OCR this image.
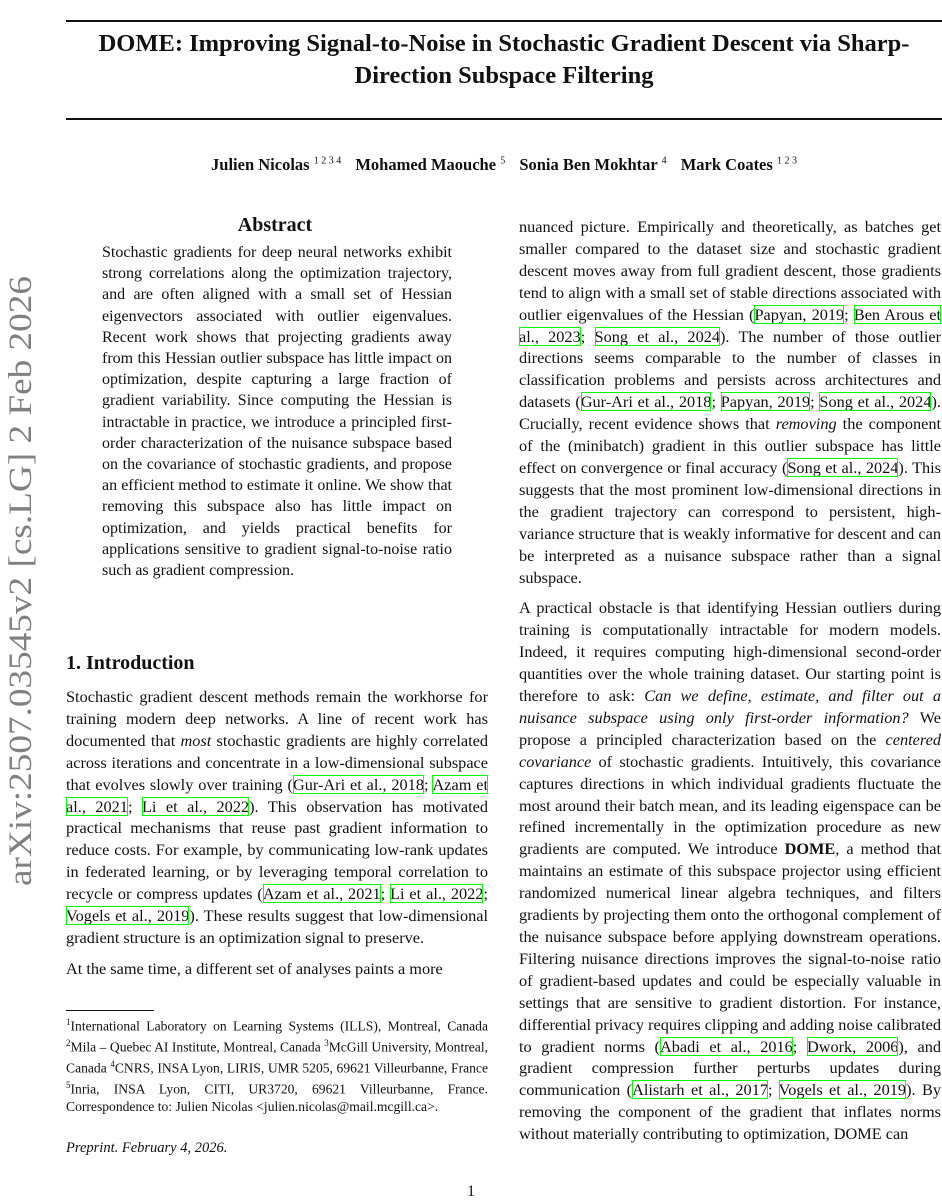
arXiv:2507.03545v2 [cs.LG] 2 Feb 2026
DOME: Improving Signal-to-Noise in Stochastic Gradient Descent via Sharp-Direction Subspace Filtering
Julien Nicolas $^{1 2 3 4}$ Mohamed Maouche $^5$ Sonia Ben Mokhtar $^4$ Mark Coates $^{1 2 3}$
Abstract

Stochastic gradients for deep neural networks exhibit strong correlations along the optimization trajectory, and are often aligned with a small set of Hessian eigenvectors associated with outlier eigenvalues. Recent work shows that projecting gradients away from this Hessian outlier subspace has little impact on optimization, despite capturing a large fraction of gradient variability. Since computing the Hessian is intractable in practice, we introduce a principled first-order characterization of the nuisance subspace based on the covariance of stochastic gradients, and propose an efficient method to estimate it online. We show that removing this subspace also has little impact on optimization, and yields practical benefits for applications sensitive to gradient signal-to-noise ratio such as gradient compression.

1. Introduction

Stochastic gradient descent methods remain the workhorse for training modern deep networks. A line of recent work has documented that most stochastic gradients are highly correlated across iterations and concentrate in a low-dimensional subspace that evolves slowly over training (Gur-Ari et al., 2018; Azam et al., 2021; Li et al., 2022). This observation has motivated practical mechanisms that reuse past gradient information to reduce costs. For example, by communicating low-rank updates in federated learning, or by leveraging temporal correlation to recycle or compress updates (Azam et al., 2021; Li et al., 2022; Vogels et al., 2019). These results suggest that low-dimensional gradient structure is an optimization signal to preserve.

At the same time, a different set of analyses paints a more

$^1$International Laboratory on Learning Systems (ILLS), Montreal, Canada $^2$Mila – Quebec AI Institute, Montreal, Canada $^3$McGill University, Montreal, Canada $^4$CNRS, INSA Lyon, LIRIS, UMR 5205, 69621 Villeurbanne, France $^5$Inria, INSA Lyon, CITI, UR3720, 69621 Villeurbanne, France. Correspondence to: Julien Nicolas <julien.nicolas@mail.mcgill.ca>.

Preprint. February 4, 2026.

nuanced picture. Empirically and theoretically, as batches get smaller compared to the dataset size and stochastic gradient descent moves away from full gradient descent, those gradients tend to align with a small set of stable directions associated with outlier eigenvalues of the Hessian (Papyan, 2019; Ben Arous et al., 2023; Song et al., 2024). The number of those outlier directions seems comparable to the number of classes in classification problems and persists across architectures and datasets (Gur-Ari et al., 2018; Papyan, 2019; Song et al., 2024). Crucially, recent evidence shows that removing the component of the (minibatch) gradient in this outlier subspace has little effect on convergence or final accuracy (Song et al., 2024). This suggests that the most prominent low-dimensional directions in the gradient trajectory can correspond to persistent, high-variance structure that is weakly informative for descent and can be interpreted as a nuisance subspace rather than a signal subspace.

A practical obstacle is that identifying Hessian outliers during training is computationally intractable for modern models. Indeed, it requires computing high-dimensional second-order quantities over the whole training dataset. Our starting point is therefore to ask: Can we define, estimate, and filter out a nuisance subspace using only first-order information? We propose a principled characterization based on the centered covariance of stochastic gradients. Intuitively, this covariance captures directions in which individual gradients fluctuate the most around their batch mean, and its leading eigenspace can be refined incrementally in the optimization procedure as new gradients are computed. We introduce DOME, a method that maintains an estimate of this subspace projector using efficient randomized numerical linear algebra techniques, and filters gradients by projecting them onto the orthogonal complement of the nuisance subspace before applying downstream operations. Filtering nuisance directions improves the signal-to-noise ratio of gradient-based updates and could be especially valuable in settings that are sensitive to gradient distortion. For instance, differential privacy requires clipping and adding noise calibrated to gradient norms (Abadi et al., 2016; Dwork, 2006), and gradient compression further perturbs updates during communication (Alistarh et al., 2017; Vogels et al., 2019). By removing the component of the gradient that inflates norms without materially contributing to optimization, DOME can

1
